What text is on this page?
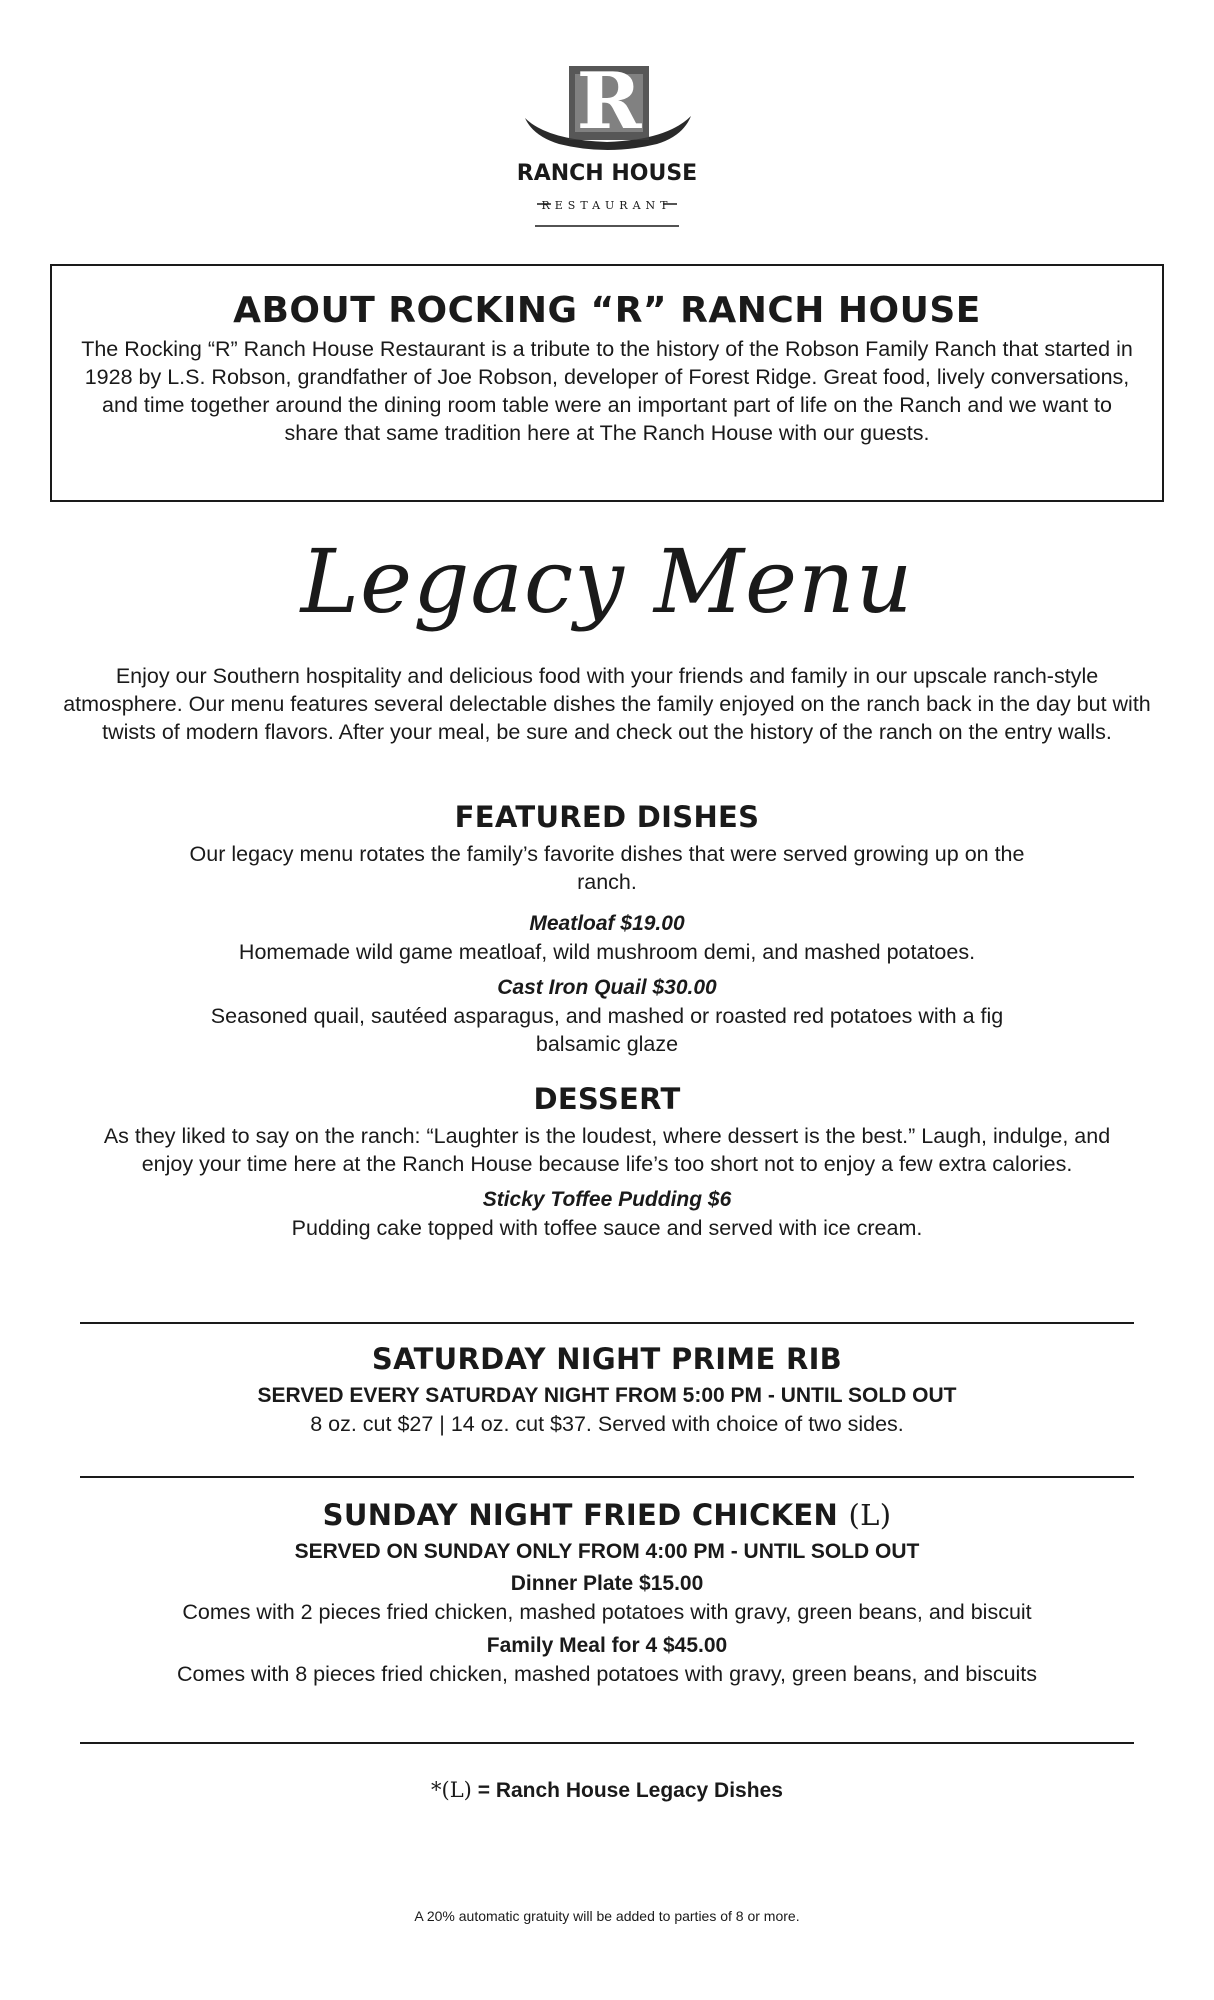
R
RANCH HOUSE
RESTAURANT
ABOUT ROCKING “R” RANCH HOUSE

The Rocking “R” Ranch House Restaurant is a tribute to the history of the Robson Family Ranch that started in 1928 by L.S. Robson, grandfather of Joe Robson, developer of Forest Ridge. Great food, lively conversations, and time together around the dining room table were an important part of life on the Ranch and we want to share that same tradition here at The Ranch House with our guests.

Legacy Menu
Enjoy our Southern hospitality and delicious food with your friends and family in our upscale ranch-style atmosphere. Our menu features several delectable dishes the family enjoyed on the ranch back in the day but with twists of modern flavors. After your meal, be sure and check out the history of the ranch on the entry walls.
FEATURED DISHES
Our legacy menu rotates the family’s favorite dishes that were served growing up on the ranch.
Meatloaf $19.00
Homemade wild game meatloaf, wild mushroom demi, and mashed potatoes.
Cast Iron Quail $30.00
Seasoned quail, sautéed asparagus, and mashed or roasted red potatoes with a fig balsamic glaze
DESSERT
As they liked to say on the ranch: “Laughter is the loudest, where dessert is the best.” Laugh, indulge, and enjoy your time here at the Ranch House because life’s too short not to enjoy a few extra calories.
Sticky Toffee Pudding $6
Pudding cake topped with toffee sauce and served with ice cream.
SATURDAY NIGHT PRIME RIB
SERVED EVERY SATURDAY NIGHT FROM 5:00 PM - UNTIL SOLD OUT
8 oz. cut $27 | 14 oz. cut $37. Served with choice of two sides.
SUNDAY NIGHT FRIED CHICKEN (L)
SERVED ON SUNDAY ONLY FROM 4:00 PM - UNTIL SOLD OUT
Dinner Plate $15.00
Comes with 2 pieces fried chicken, mashed potatoes with gravy, green beans, and biscuit
Family Meal for 4 $45.00
Comes with 8 pieces fried chicken, mashed potatoes with gravy, green beans, and biscuits
*(L) = Ranch House Legacy Dishes
A 20% automatic gratuity will be added to parties of 8 or more.
